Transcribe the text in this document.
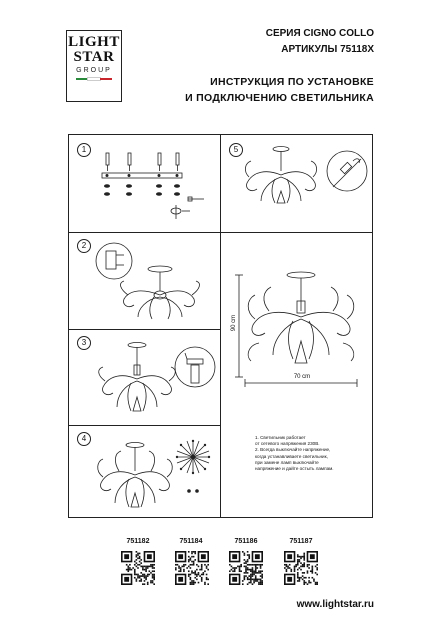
LIGHT
STAR
GROUP
СЕРИЯ CIGNO COLLO
АРТИКУЛЫ 75118X
ИНСТРУКЦИЯ ПО УСТАНОВКЕ
И ПОДКЛЮЧЕНИЮ СВЕТИЛЬНИКА
1
2
3
4
5
90 cm
70 cm
1. Светильник работает
от сетевого напряжения 230В.
2. Всегда выключайте напряжение,
когда устанавливаете светильник,
при замене ламп выключайте
напряжение и дайте остыть лампам.
751182	751184	751186	751187
www.lightstar.ru
